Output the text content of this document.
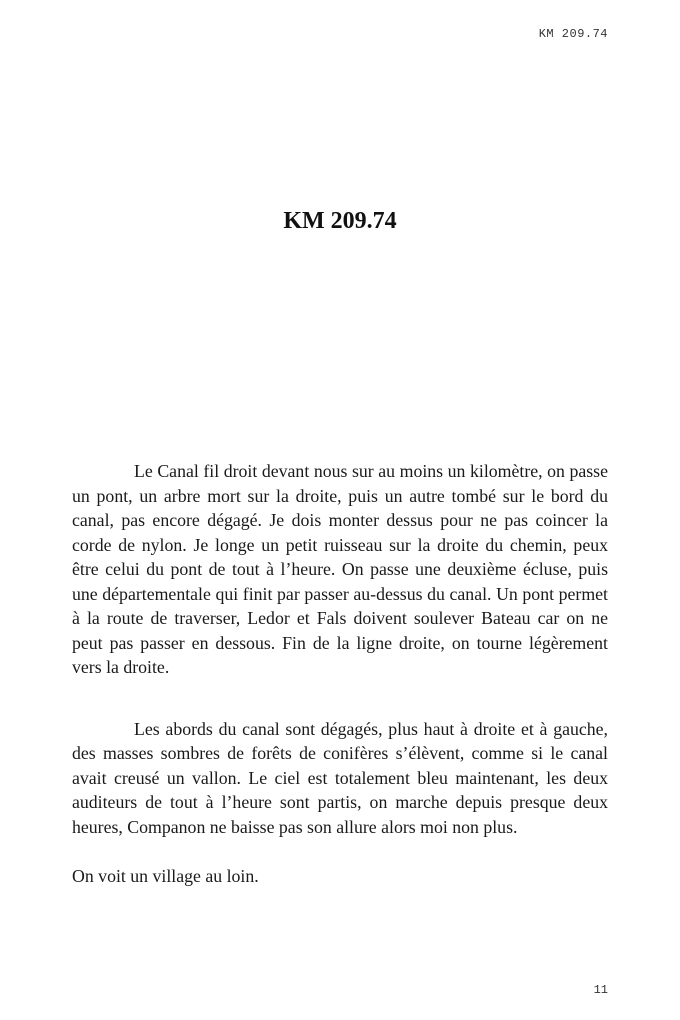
KM 209.74
KM 209.74

Le Canal fil droit devant nous sur au moins un kilomètre, on passe un pont, un arbre mort sur la droite, puis un autre tombé sur le bord du canal, pas encore dégagé. Je dois monter dessus pour ne pas coincer la corde de nylon. Je longe un petit ruisseau sur la droite du chemin, peux être celui du pont de tout à l’heure. On passe une deuxième écluse, puis une départementale qui finit par passer au-dessus du canal. Un pont permet à la route de traverser, Ledor et Fals doivent soulever Bateau car on ne peut pas passer en dessous. Fin de la ligne droite, on tourne légèrement vers la droite.

Les abords du canal sont dégagés, plus haut à droite et à gauche, des masses sombres de forêts de conifères s’élèvent, comme si le canal avait creusé un vallon. Le ciel est totalement bleu maintenant, les deux auditeurs de tout à l’heure sont partis, on marche depuis presque deux heures, Companon ne baisse pas son allure alors moi non plus.

On voit un village au loin.

11
